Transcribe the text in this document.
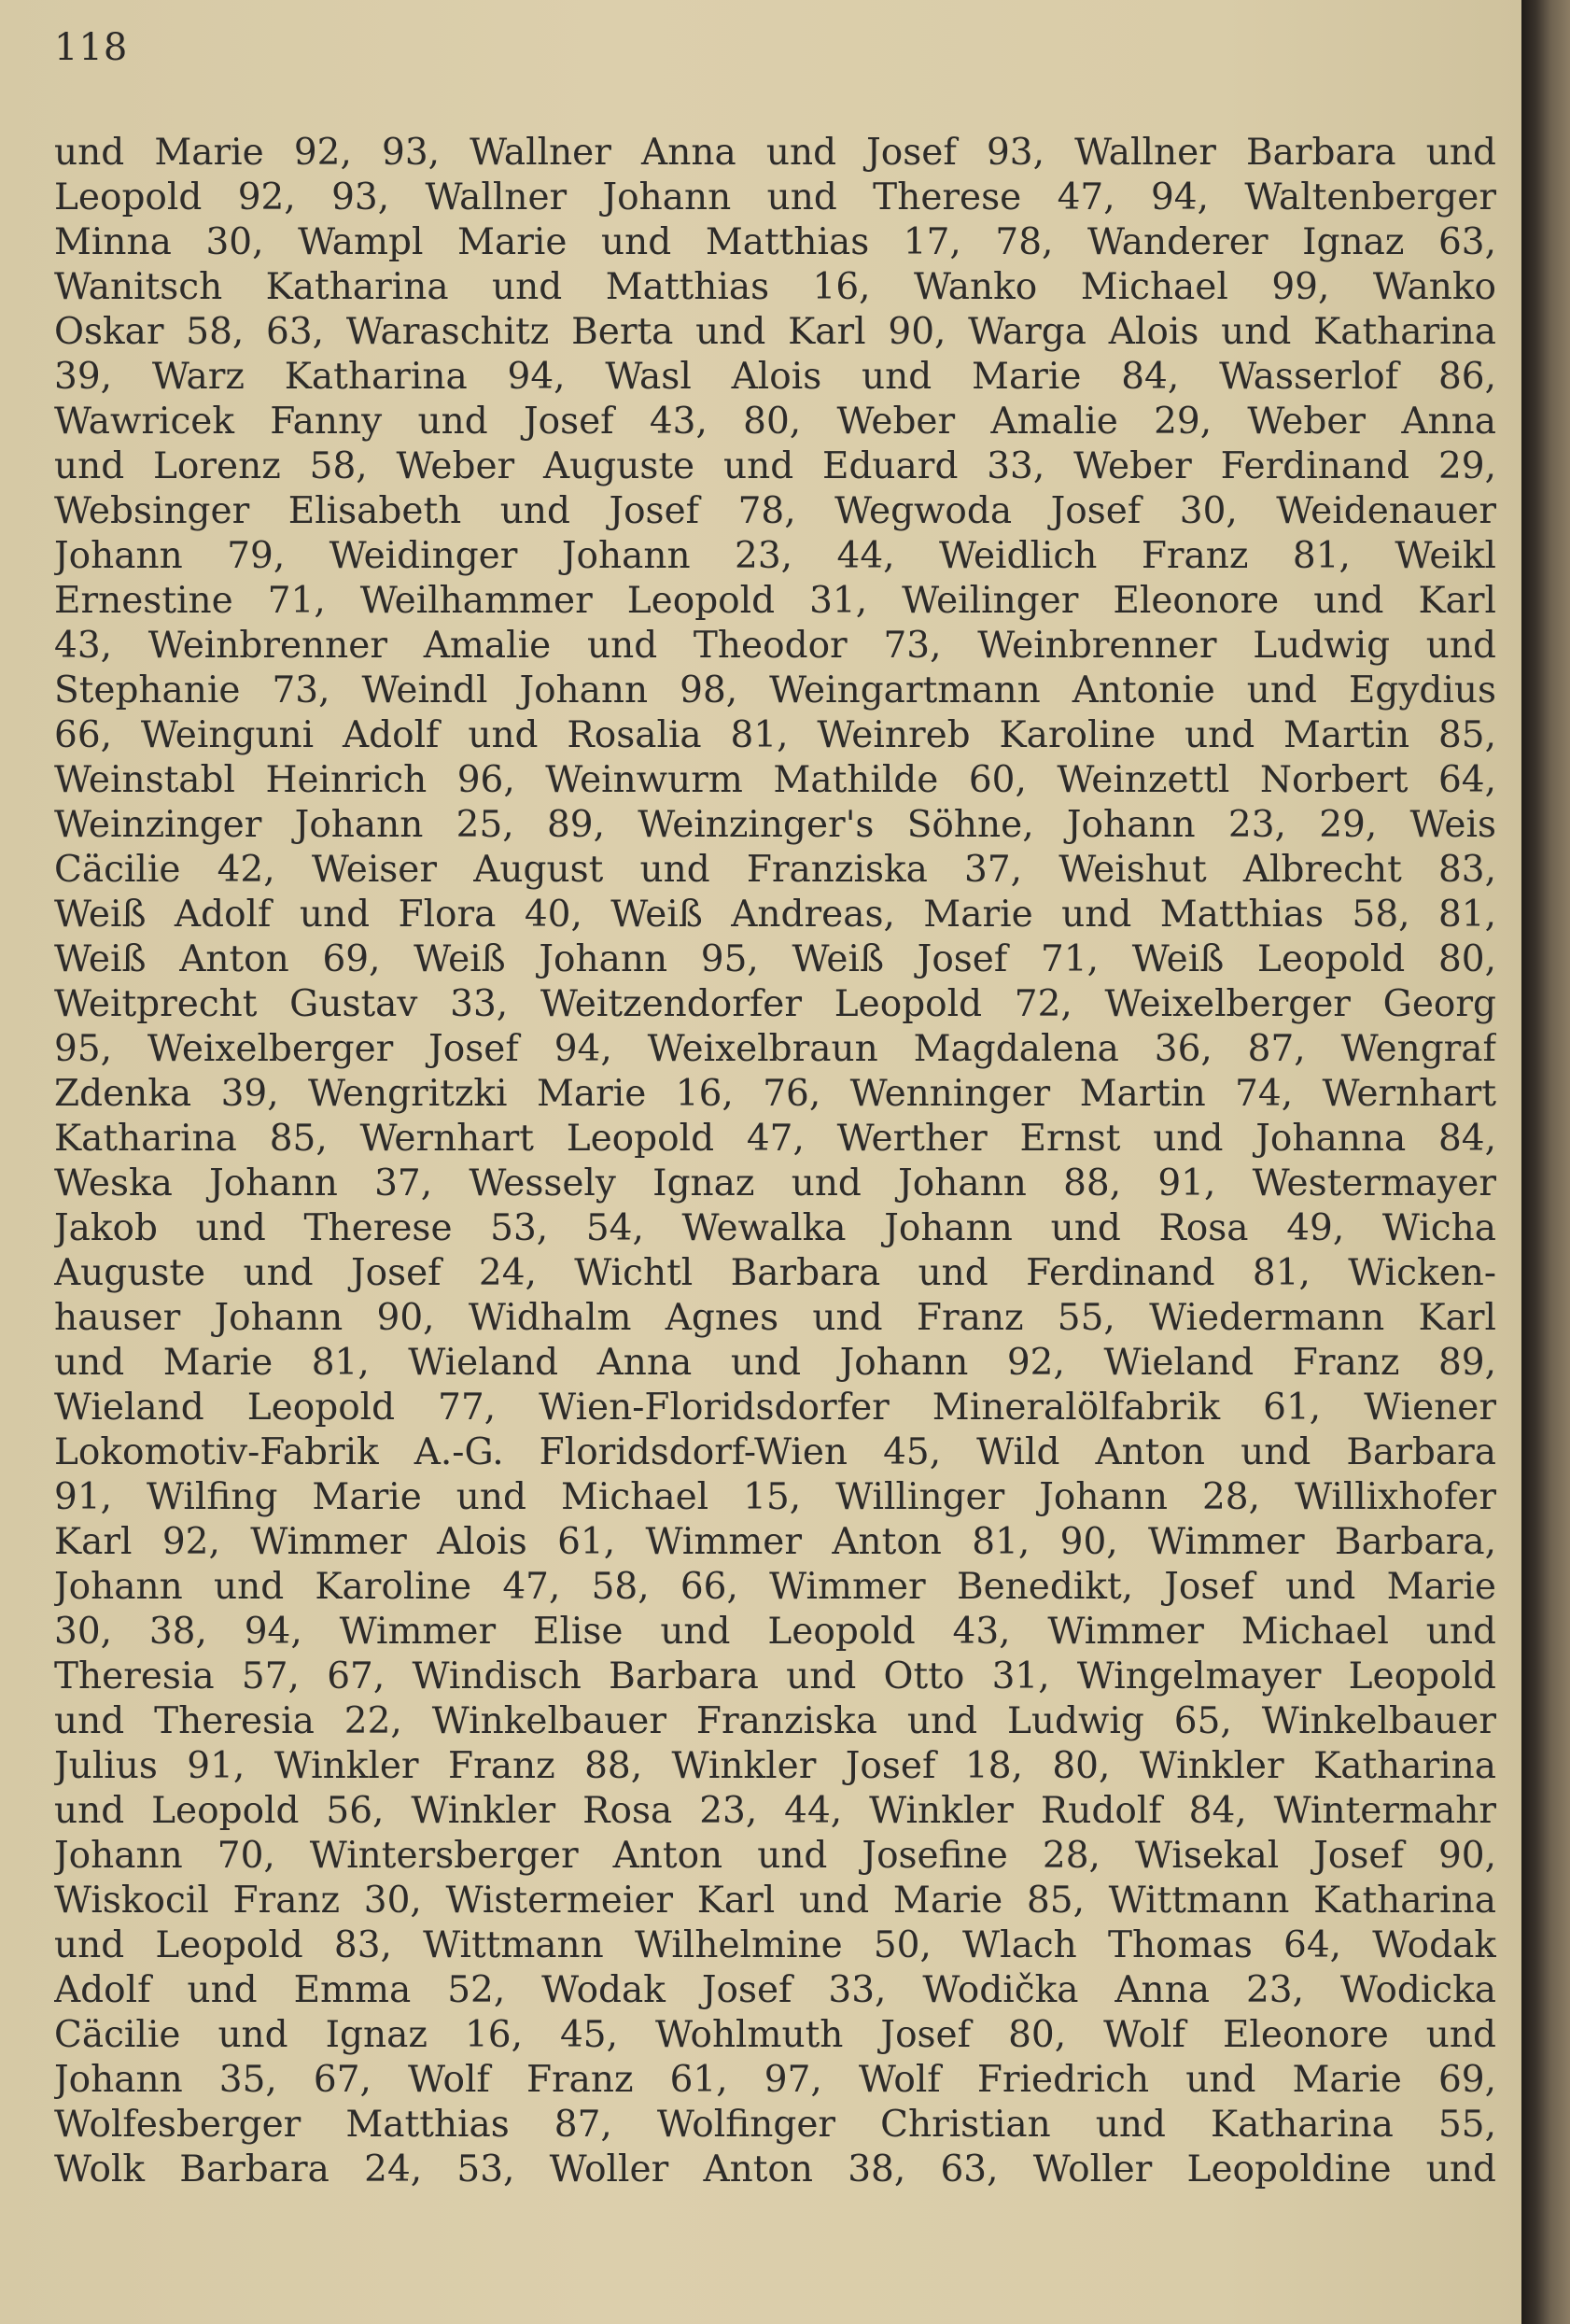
118
und Marie 92, 93, Wallner Anna und Josef 93, Wallner Barbara und
Leopold 92, 93, Wallner Johann und Therese 47, 94, Waltenberger
Minna 30, Wampl Marie und Matthias 17, 78, Wanderer Ignaz 63,
Wanitsch Katharina und Matthias 16, Wanko Michael 99, Wanko
Oskar 58, 63, Waraschitz Berta und Karl 90, Warga Alois und Katharina
39, Warz Katharina 94, Wasl Alois und Marie 84, Wasserlof 86,
Wawricek Fanny und Josef 43, 80, Weber Amalie 29, Weber Anna
und Lorenz 58, Weber Auguste und Eduard 33, Weber Ferdinand 29,
Websinger Elisabeth und Josef 78, Wegwoda Josef 30, Weidenauer
Johann 79, Weidinger Johann 23, 44, Weidlich Franz 81, Weikl
Ernestine 71, Weilhammer Leopold 31, Weilinger Eleonore und Karl
43, Weinbrenner Amalie und Theodor 73, Weinbrenner Ludwig und
Stephanie 73, Weindl Johann 98, Weingartmann Antonie und Egydius
66, Weinguni Adolf und Rosalia 81, Weinreb Karoline und Martin 85,
Weinstabl Heinrich 96, Weinwurm Mathilde 60, Weinzettl Norbert 64,
Weinzinger Johann 25, 89, Weinzinger's Söhne, Johann 23, 29, Weis
Cäcilie 42, Weiser August und Franziska 37, Weishut Albrecht 83,
Weiß Adolf und Flora 40, Weiß Andreas, Marie und Matthias 58, 81,
Weiß Anton 69, Weiß Johann 95, Weiß Josef 71, Weiß Leopold 80,
Weitprecht Gustav 33, Weitzendorfer Leopold 72, Weixelberger Georg
95, Weixelberger Josef 94, Weixelbraun Magdalena 36, 87, Wengraf
Zdenka 39, Wengritzki Marie 16, 76, Wenninger Martin 74, Wernhart
Katharina 85, Wernhart Leopold 47, Werther Ernst und Johanna 84,
Weska Johann 37, Wessely Ignaz und Johann 88, 91, Westermayer
Jakob und Therese 53, 54, Wewalka Johann und Rosa 49, Wicha
Auguste und Josef 24, Wichtl Barbara und Ferdinand 81, Wicken-
hauser Johann 90, Widhalm Agnes und Franz 55, Wiedermann Karl
und Marie 81, Wieland Anna und Johann 92, Wieland Franz 89,
Wieland Leopold 77, Wien-Floridsdorfer Mineralölfabrik 61, Wiener
Lokomotiv-Fabrik A.-G. Floridsdorf-Wien 45, Wild Anton und Barbara
91, Wilfing Marie und Michael 15, Willinger Johann 28, Willixhofer
Karl 92, Wimmer Alois 61, Wimmer Anton 81, 90, Wimmer Barbara,
Johann und Karoline 47, 58, 66, Wimmer Benedikt, Josef und Marie
30, 38, 94, Wimmer Elise und Leopold 43, Wimmer Michael und
Theresia 57, 67, Windisch Barbara und Otto 31, Wingelmayer Leopold
und Theresia 22, Winkelbauer Franziska und Ludwig 65, Winkelbauer
Julius 91, Winkler Franz 88, Winkler Josef 18, 80, Winkler Katharina
und Leopold 56, Winkler Rosa 23, 44, Winkler Rudolf 84, Wintermahr
Johann 70, Wintersberger Anton und Josefine 28, Wisekal Josef 90,
Wiskocil Franz 30, Wistermeier Karl und Marie 85, Wittmann Katharina
und Leopold 83, Wittmann Wilhelmine 50, Wlach Thomas 64, Wodak
Adolf und Emma 52, Wodak Josef 33, Wodička Anna 23, Wodicka
Cäcilie und Ignaz 16, 45, Wohlmuth Josef 80, Wolf Eleonore und
Johann 35, 67, Wolf Franz 61, 97, Wolf Friedrich und Marie 69,
Wolfesberger Matthias 87, Wolfinger Christian und Katharina 55,
Wolk Barbara 24, 53, Woller Anton 38, 63, Woller Leopoldine und
